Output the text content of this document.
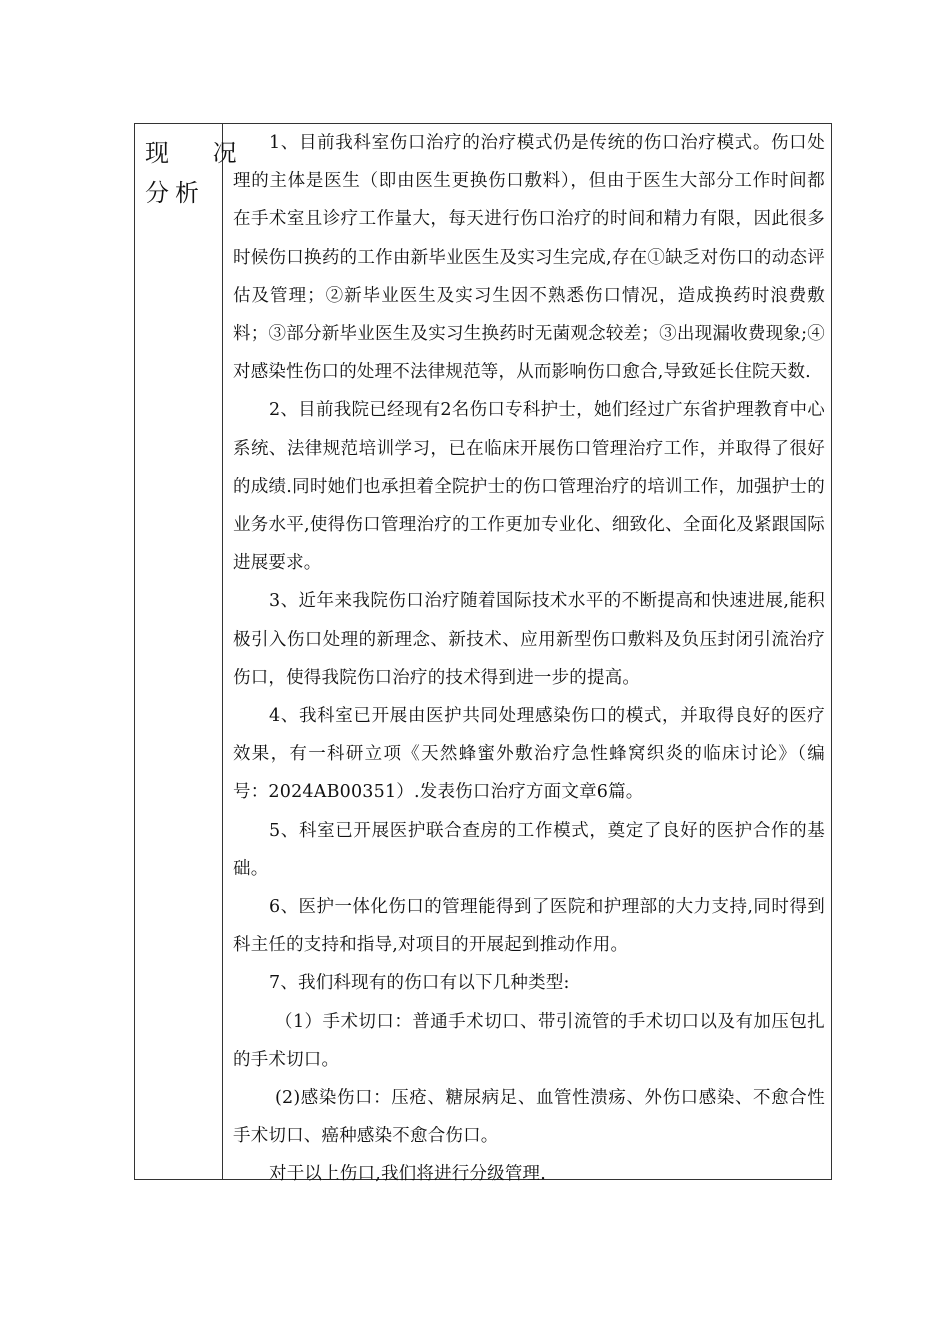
现 况
分析

1、目前我科室伤口治疗的治疗模式仍是传统的伤口治疗模式。伤口处理的主体是医生（即由医生更换伤口敷料），但由于医生大部分工作时间都在手术室且诊疗工作量大，每天进行伤口治疗的时间和精力有限，因此很多时候伤口换药的工作由新毕业医生及实习生完成,存在①缺乏对伤口的动态评估及管理；②新毕业医生及实习生因不熟悉伤口情况，造成换药时浪费敷料；③部分新毕业医生及实习生换药时无菌观念较差；③出现漏收费现象;④ 对感染性伤口的处理不法律规范等，从而影响伤口愈合,导致延长住院天数.

2、目前我院已经现有2名伤口专科护士，她们经过广东省护理教育中心系统、法律规范培训学习，已在临床开展伤口管理治疗工作，并取得了很好的成绩.同时她们也承担着全院护士的伤口管理治疗的培训工作，加强护士的业务水平,使得伤口管理治疗的工作更加专业化、细致化、全面化及紧跟国际进展要求。

3、近年来我院伤口治疗随着国际技术水平的不断提高和快速进展,能积极引入伤口处理的新理念、新技术、应用新型伤口敷料及负压封闭引流治疗伤口，使得我院伤口治疗的技术得到进一步的提高。

4、我科室已开展由医护共同处理感染伤口的模式，并取得良好的医疗效果，有一科研立项《天然蜂蜜外敷治疗急性蜂窝织炎的临床讨论》（编号：2024AB00351）.发表伤口治疗方面文章6篇。

5、科室已开展医护联合查房的工作模式，奠定了良好的医护合作的基础。

6、医护一体化伤口的管理能得到了医院和护理部的大力支持,同时得到科主任的支持和指导,对项目的开展起到推动作用。

7、我们科现有的伤口有以下几种类型:

（1）手术切口：普通手术切口、带引流管的手术切口以及有加压包扎的手术切口。

(2)感染伤口：压疮、糖尿病足、血管性溃疡、外伤口感染、不愈合性手术切口、癌种感染不愈合伤口。

对于以上伤口,我们将进行分级管理.
